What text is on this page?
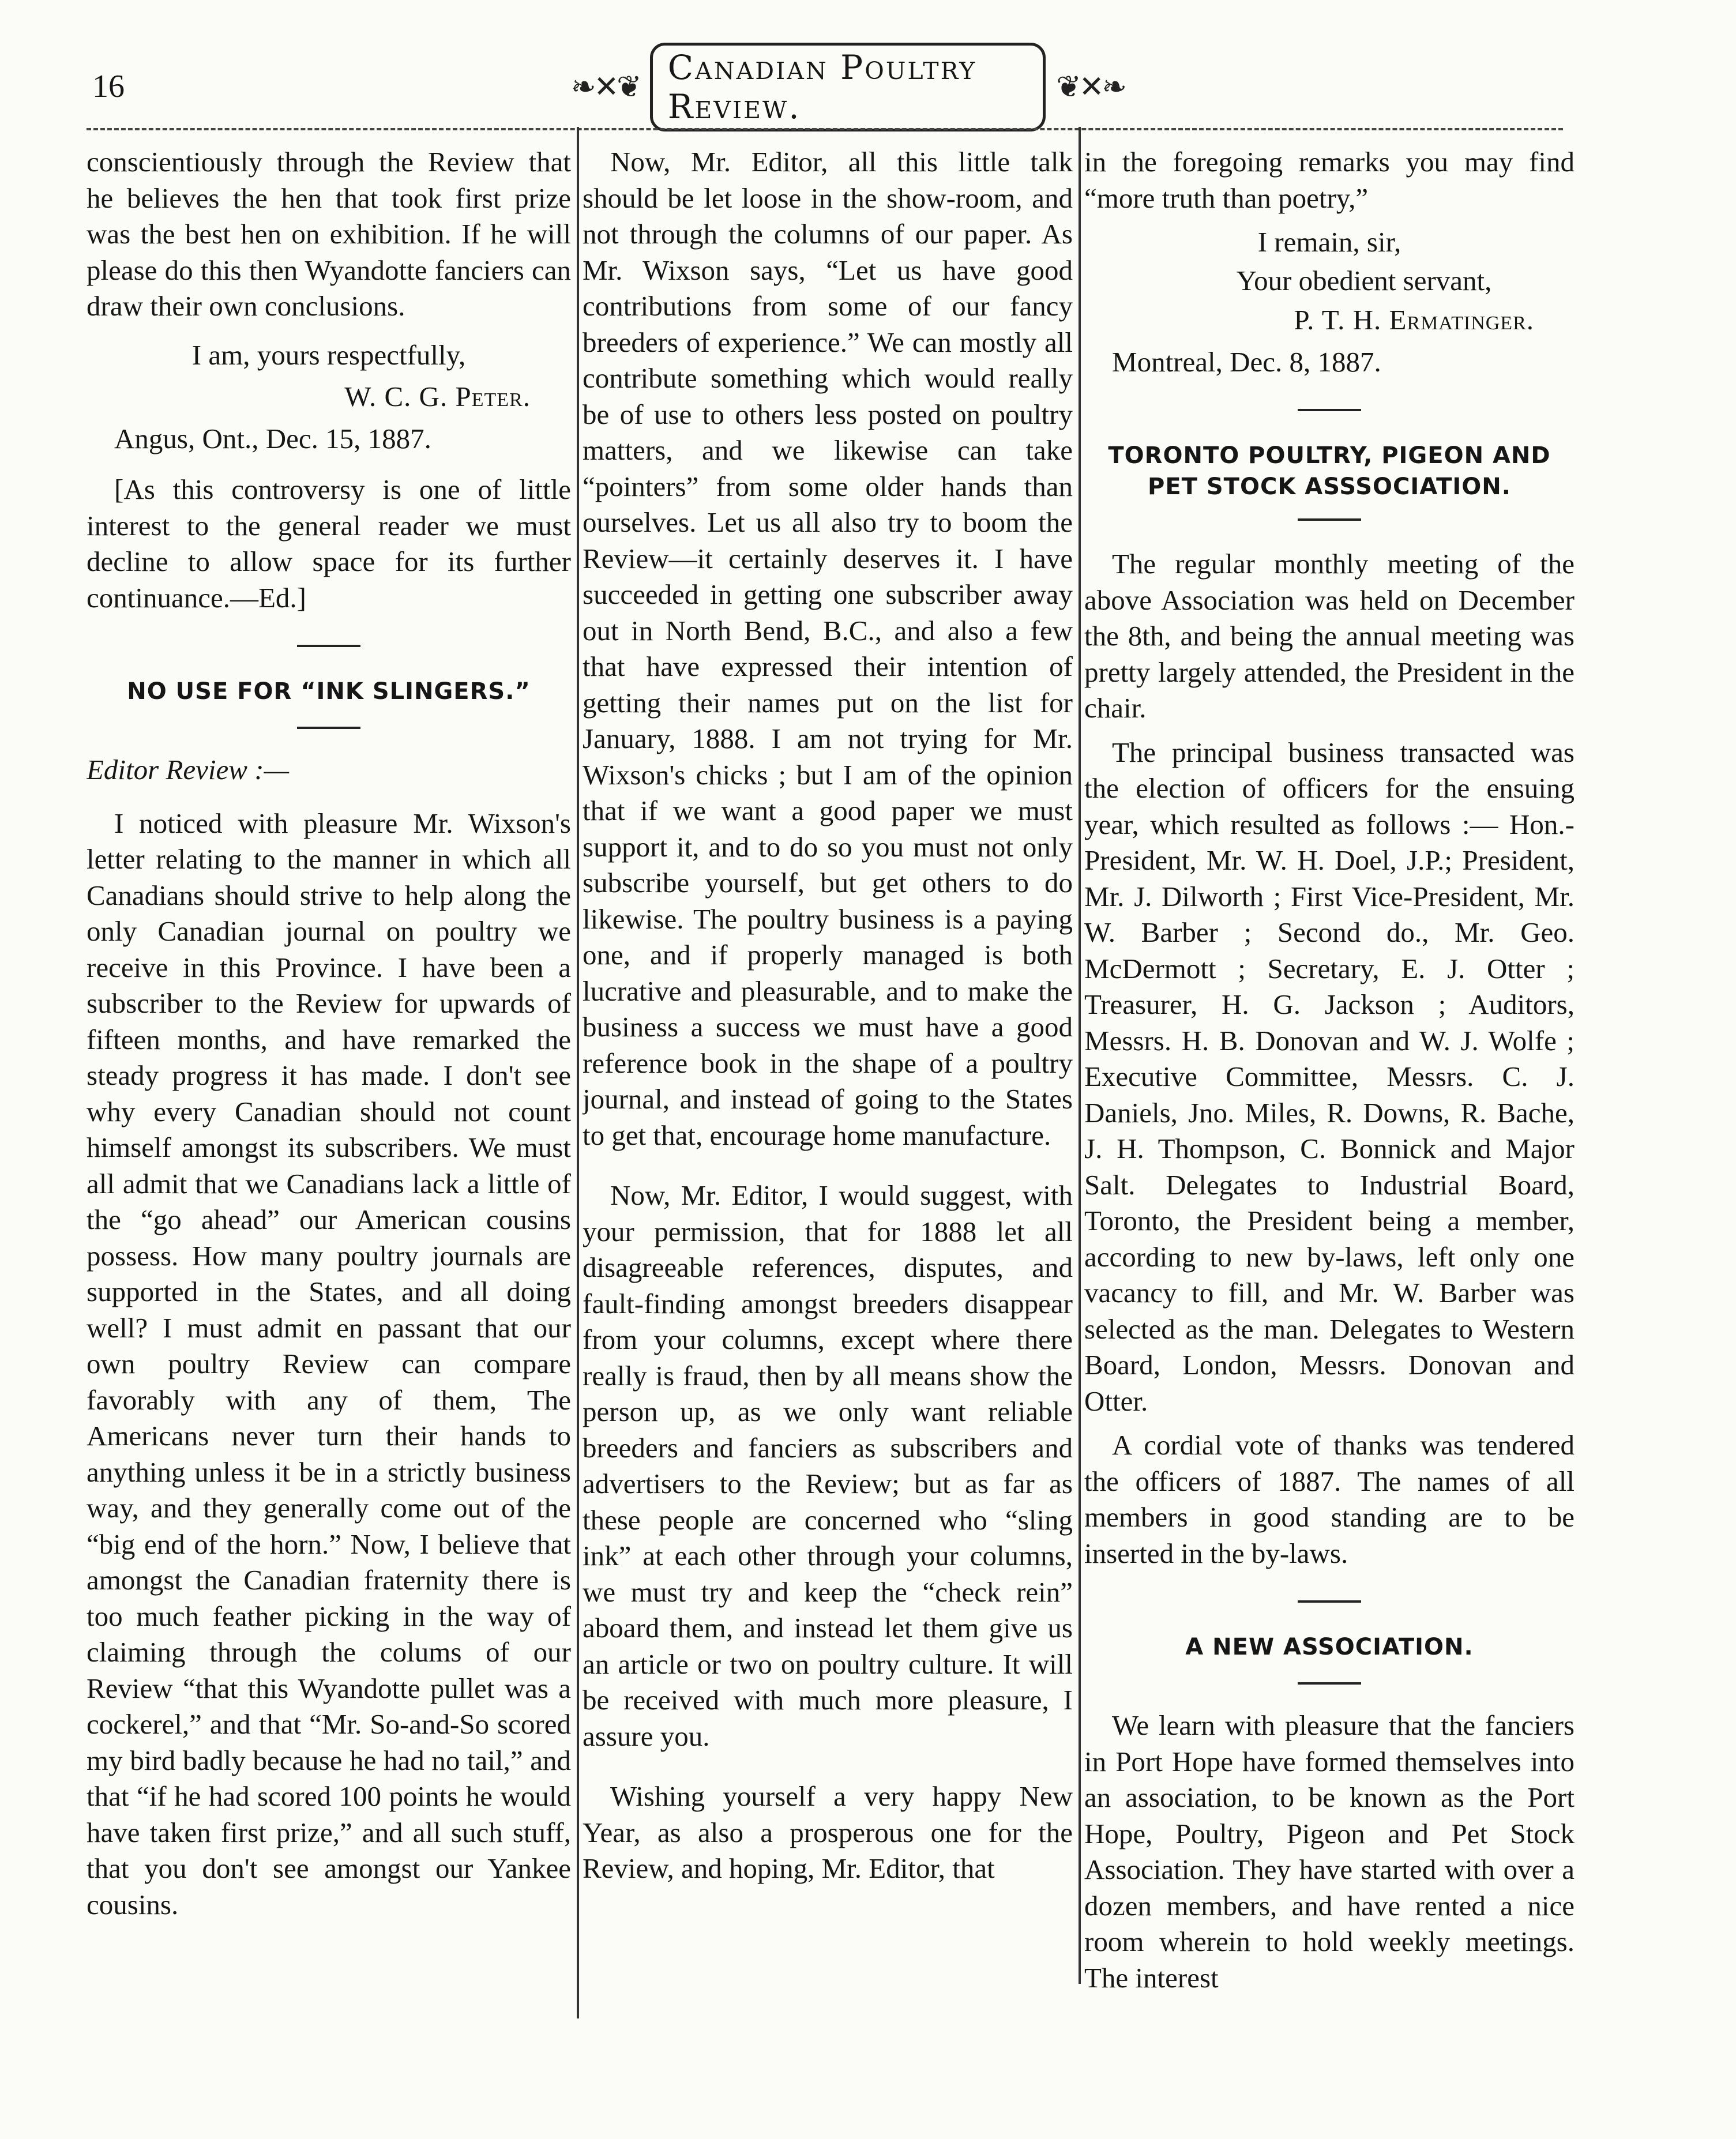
16	❧✕❦
Canadian Poultry Review.	❦✕❧

conscientiously through the Review that he believes the hen that took first prize was the best hen on exhibition. If he will please do this then Wyandotte fanciers can draw their own conclusions.

I am, yours respectfully,

W. C. G. Peter.

Angus, Ont., Dec. 15, 1887.

[As this controversy is one of little interest to the general reader we must decline to allow space for its further continuance.—Ed.]

NO USE FOR “INK SLINGERS.”

Editor Review :—

I noticed with pleasure Mr. Wixson's letter relating to the manner in which all Canadians should strive to help along the only Canadian journal on poultry we receive in this Province. I have been a subscriber to the Review for upwards of fifteen months, and have remarked the steady progress it has made. I don't see why every Canadian should not count himself amongst its subscribers. We must all admit that we Canadians lack a little of the “go ahead” our American cousins possess. How many poultry journals are supported in the States, and all doing well? I must admit en passant that our own poultry Review can compare favorably with any of them, The Americans never turn their hands to anything unless it be in a strictly business way, and they generally come out of the “big end of the horn.” Now, I believe that amongst the Canadian fraternity there is too much feather picking in the way of claiming through the colums of our Review “that this Wyandotte pullet was a cockerel,” and that “Mr. So-and-So scored my bird badly because he had no tail,” and that “if he had scored 100 points he would have taken first prize,” and all such stuff, that you don't see amongst our Yankee cousins.

Now, Mr. Editor, all this little talk should be let loose in the show-room, and not through the columns of our paper. As Mr. Wixson says, “Let us have good contributions from some of our fancy breeders of experience.” We can mostly all contribute something which would really be of use to others less posted on poultry matters, and we likewise can take “pointers” from some older hands than ourselves. Let us all also try to boom the Review—it certainly deserves it. I have succeeded in getting one subscriber away out in North Bend, B.C., and also a few that have expressed their intention of getting their names put on the list for January, 1888. I am not trying for Mr. Wixson's chicks ; but I am of the opinion that if we want a good paper we must support it, and to do so you must not only subscribe yourself, but get others to do likewise. The poultry business is a paying one, and if properly managed is both lucrative and pleasurable, and to make the business a success we must have a good reference book in the shape of a poultry journal, and instead of going to the States to get that, encourage home manufacture.

Now, Mr. Editor, I would suggest, with your permission, that for 1888 let all disagreeable references, disputes, and fault-finding amongst breeders disappear from your columns, except where there really is fraud, then by all means show the person up, as we only want reliable breeders and fanciers as subscribers and advertisers to the Review; but as far as these people are concerned who “sling ink” at each other through your columns, we must try and keep the “check rein” aboard them, and instead let them give us an article or two on poultry culture. It will be received with much more pleasure, I assure you.

Wishing yourself a very happy New Year, as also a prosperous one for the Review, and hoping, Mr. Editor, that

in the foregoing remarks you may find “more truth than poetry,”

I remain, sir,

Your obedient servant,

P. T. H. Ermatinger.

Montreal, Dec. 8, 1887.

TORONTO POULTRY, PIGEON AND PET STOCK ASSSOCIATION.

The regular monthly meeting of the above Association was held on December the 8th, and being the annual meeting was pretty largely attended, the President in the chair.

The principal business transacted was the election of officers for the ensuing year, which resulted as follows :— Hon.-President, Mr. W. H. Doel, J.P.; President, Mr. J. Dilworth ; First Vice-President, Mr. W. Barber ; Second do., Mr. Geo. McDermott ; Secretary, E. J. Otter ; Treasurer, H. G. Jackson ; Auditors, Messrs. H. B. Donovan and W. J. Wolfe ; Executive Committee, Messrs. C. J. Daniels, Jno. Miles, R. Downs, R. Bache, J. H. Thompson, C. Bonnick and Major Salt. Delegates to Industrial Board, Toronto, the President being a member, according to new by-laws, left only one vacancy to fill, and Mr. W. Barber was selected as the man. Delegates to Western Board, London, Messrs. Donovan and Otter.

A cordial vote of thanks was tendered the officers of 1887. The names of all members in good standing are to be inserted in the by-laws.

A NEW ASSOCIATION.

We learn with pleasure that the fanciers in Port Hope have formed themselves into an association, to be known as the Port Hope, Poultry, Pigeon and Pet Stock Association. They have started with over a dozen members, and have rented a nice room wherein to hold weekly meetings. The interest
